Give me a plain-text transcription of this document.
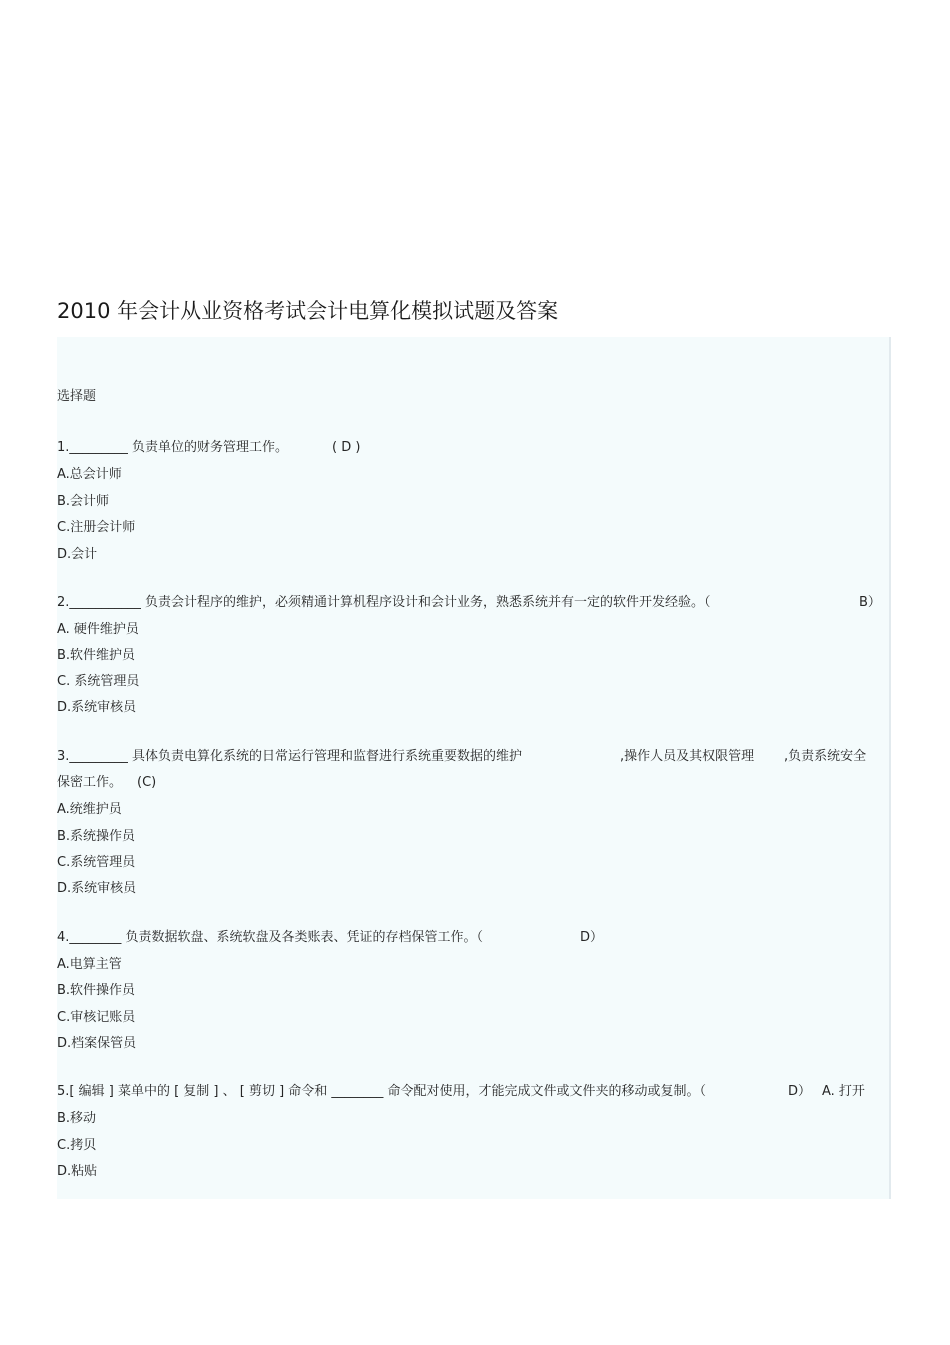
2010 年会计从业资格考试会计电算化模拟试题及答案
选择题
1._________ 负责单位的财务管理工作。	( D )
A.总会计师
B.会计师
C.注册会计师
D.会计
2.___________ 负责会计程序的维护，必须精通计算机程序设计和会计业务，熟悉系统并有一定的软件开发经验。（	B）
A. 硬件维护员
B.软件维护员
C. 系统管理员
D.系统审核员
3._________ 具体负责电算化系统的日常运行管理和监督进行系统重要数据的维护	,操作人员及其权限管理 ,负责系统安全
保密工作。 (C)
A.统维护员
B.系统操作员
C.系统管理员
D.系统审核员
4.________ 负责数据软盘、系统软盘及各类账表、凭证的存档保管工作。（	D）
A.电算主管
B.软件操作员
C.审核记账员
D.档案保管员
5.[ 编辑 ] 菜单中的 [ 复制 ] 、 [ 剪切 ] 命令和 ________ 命令配对使用，才能完成文件或文件夹的移动或复制。（	D） A. 打开
B.移动
C.拷贝
D.粘贴
